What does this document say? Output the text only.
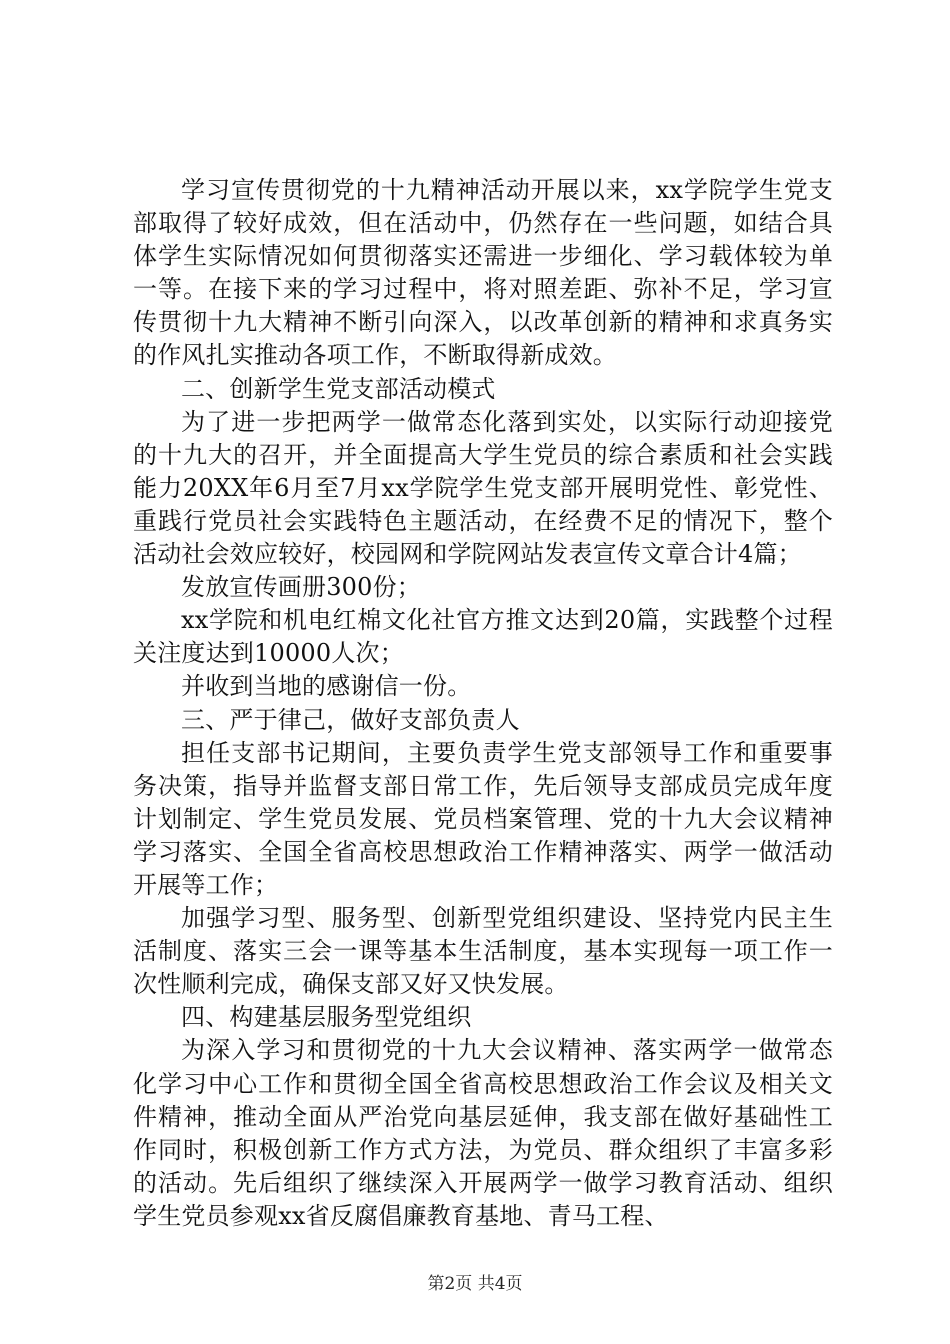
学习宣传贯彻党的十九精神活动开展以来，xx学院学生党支部取得了较好成效，但在活动中，仍然存在一些问题，如结合具体学生实际情况如何贯彻落实还需进一步细化、学习载体较为单一等。在接下来的学习过程中，将对照差距、弥补不足，学习宣传贯彻十九大精神不断引向深入，以改革创新的精神和求真务实的作风扎实推动各项工作，不断取得新成效。

二、创新学生党支部活动模式

为了进一步把两学一做常态化落到实处，以实际行动迎接党的十九大的召开，并全面提高大学生党员的综合素质和社会实践能力20XX年6月至7月xx学院学生党支部开展明党性、彰党性、重践行党员社会实践特色主题活动，在经费不足的情况下，整个活动社会效应较好，校园网和学院网站发表宣传文章合计4篇；

发放宣传画册300份；

xx学院和机电红棉文化社官方推文达到20篇，实践整个过程关注度达到10000人次；

并收到当地的感谢信一份。

三、严于律己，做好支部负责人

担任支部书记期间，主要负责学生党支部领导工作和重要事务决策，指导并监督支部日常工作，先后领导支部成员完成年度计划制定、学生党员发展、党员档案管理、党的十九大会议精神学习落实、全国全省高校思想政治工作精神落实、两学一做活动开展等工作；

加强学习型、服务型、创新型党组织建设、坚持党内民主生活制度、落实三会一课等基本生活制度，基本实现每一项工作一次性顺利完成，确保支部又好又快发展。

四、构建基层服务型党组织

为深入学习和贯彻党的十九大会议精神、落实两学一做常态化学习中心工作和贯彻全国全省高校思想政治工作会议及相关文件精神，推动全面从严治党向基层延伸，我支部在做好基础性工作同时，积极创新工作方式方法，为党员、群众组织了丰富多彩的活动。先后组织了继续深入开展两学一做学习教育活动、组织学生党员参观xx省反腐倡廉教育基地、青马工程、

第2页 共4页
